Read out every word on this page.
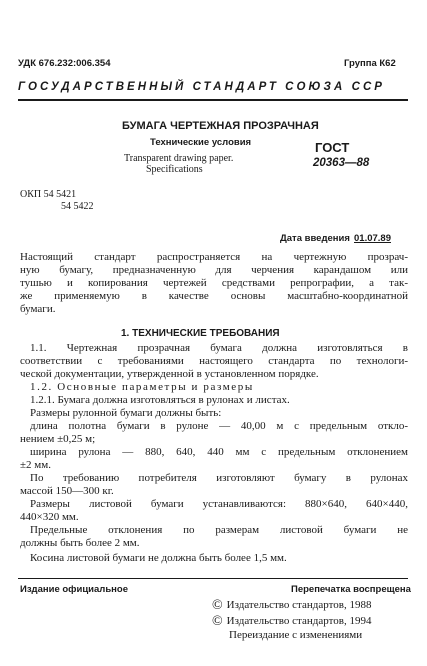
УДК 676.232:006.354	Группа К62
ГОСУДАРСТВЕННЫЙ СТАНДАРТ СОЮЗА ССР
БУМАГА ЧЕРТЕЖНАЯ ПРОЗРАЧНАЯ
Технические условия
Transparent drawing paper.
Specifications
ГОСТ
20363—88
ОКП 54 5421
54 5422
Дата введения 01.07.89
Настоящий стандарт распространяется на чертежную прозрач-
ную бумагу, предназначенную для черчения карандашом или
тушью и копирования чертежей средствами репрографии, а так-
же применяемую в качестве основы масштабно-координатной
бумаги.
1. ТЕХНИЧЕСКИЕ ТРЕБОВАНИЯ
1.1. Чертежная прозрачная бумага должна изготовляться в
соответствии с требованиями настоящего стандарта по технологи-
ческой документации, утвержденной в установленном порядке.
1.2. Основные параметры и размеры
1.2.1. Бумага должна изготовляться в рулонах и листах.
Размеры рулонной бумаги должны быть:
длина полотна бумаги в рулоне — 40,00 м с предельным откло-
нением ±0,25 м;
ширина рулона — 880, 640, 440 мм с предельным отклонением
±2 мм.
По требованию потребителя изготовляют бумагу в рулонах
массой 150—300 кг.
Размеры листовой бумаги устанавливаются: 880×640, 640×440,
440×320 мм.
Предельные отклонения по размерам листовой бумаги не
должны быть более 2 мм.
Косина листовой бумаги не должна быть более 1,5 мм.
Издание официальное	Перепечатка воспрещена
© Издательство стандартов, 1988
© Издательство стандартов, 1994
Переиздание с изменениями
